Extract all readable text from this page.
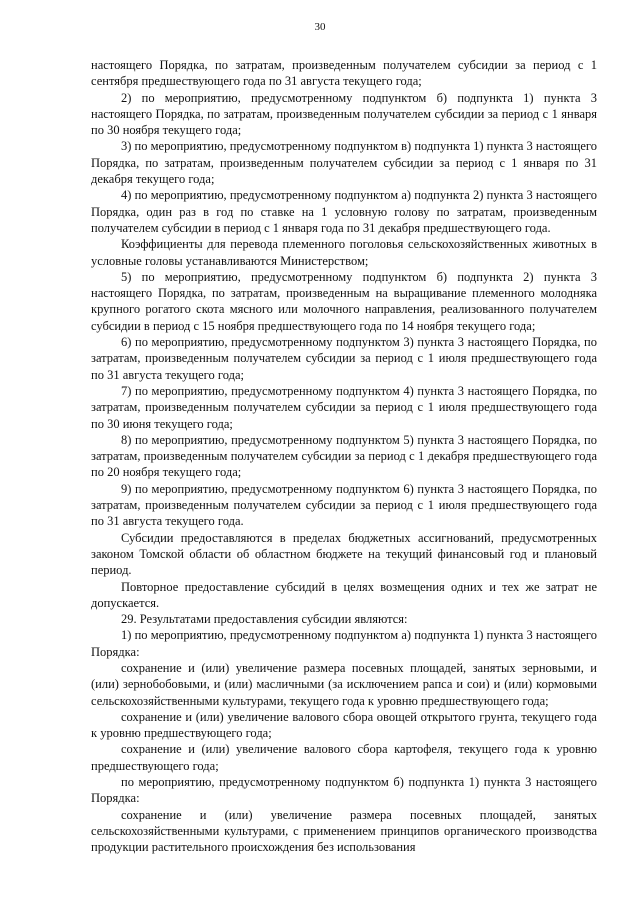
30

настоящего Порядка, по затратам, произведенным получателем субсидии за период с 1 сентября предшествующего года по 31 августа текущего года;

2) по мероприятию, предусмотренному подпунктом б) подпункта 1) пункта 3 настоящего Порядка, по затратам, произведенным получателем субсидии за период с 1 января по 30 ноября текущего года;

3) по мероприятию, предусмотренному подпунктом в) подпункта 1) пункта 3 настоящего Порядка, по затратам, произведенным получателем субсидии за период с 1 января по 31 декабря текущего года;

4) по мероприятию, предусмотренному подпунктом а) подпункта 2) пункта 3 настоящего Порядка, один раз в год по ставке на 1 условную голову по затратам, произведенным получателем субсидии в период с 1 января года по 31 декабря предшествующего года.

Коэффициенты для перевода племенного поголовья сельскохозяйственных животных в условные головы устанавливаются Министерством;

5) по мероприятию, предусмотренному подпунктом б) подпункта 2) пункта 3 настоящего Порядка, по затратам, произведенным на выращивание племенного молодняка крупного рогатого скота мясного или молочного направления, реализованного получателем субсидии в период с 15 ноября предшествующего года по 14 ноября текущего года;

6) по мероприятию, предусмотренному подпунктом 3) пункта 3 настоящего Порядка, по затратам, произведенным получателем субсидии за период с 1 июля предшествующего года по 31 августа текущего года;

7) по мероприятию, предусмотренному подпунктом 4) пункта 3 настоящего Порядка, по затратам, произведенным получателем субсидии за период с 1 июля предшествующего года по 30 июня текущего года;

8) по мероприятию, предусмотренному подпунктом 5) пункта 3 настоящего Порядка, по затратам, произведенным получателем субсидии за период с 1 декабря предшествующего года по 20 ноября текущего года;

9) по мероприятию, предусмотренному подпунктом 6) пункта 3 настоящего Порядка, по затратам, произведенным получателем субсидии за период с 1 июля предшествующего года по 31 августа текущего года.

Субсидии предоставляются в пределах бюджетных ассигнований, предусмотренных законом Томской области об областном бюджете на текущий финансовый год и плановый период.

Повторное предоставление субсидий в целях возмещения одних и тех же затрат не допускается.

29. Результатами предоставления субсидии являются:

1) по мероприятию, предусмотренному подпунктом а) подпункта 1) пункта 3 настоящего Порядка:

сохранение и (или) увеличение размера посевных площадей, занятых зерновыми, и (или) зернобобовыми, и (или) масличными (за исключением рапса и сои) и (или) кормовыми сельскохозяйственными культурами, текущего года к уровню предшествующего года;

сохранение и (или) увеличение валового сбора овощей открытого грунта, текущего года к уровню предшествующего года;

сохранение и (или) увеличение валового сбора картофеля, текущего года к уровню предшествующего года;

по мероприятию, предусмотренному подпунктом б) подпункта 1) пункта 3 настоящего Порядка:

сохранение и (или) увеличение размера посевных площадей, занятых сельскохозяйственными культурами, с применением принципов органического производства продукции растительного происхождения без использования
